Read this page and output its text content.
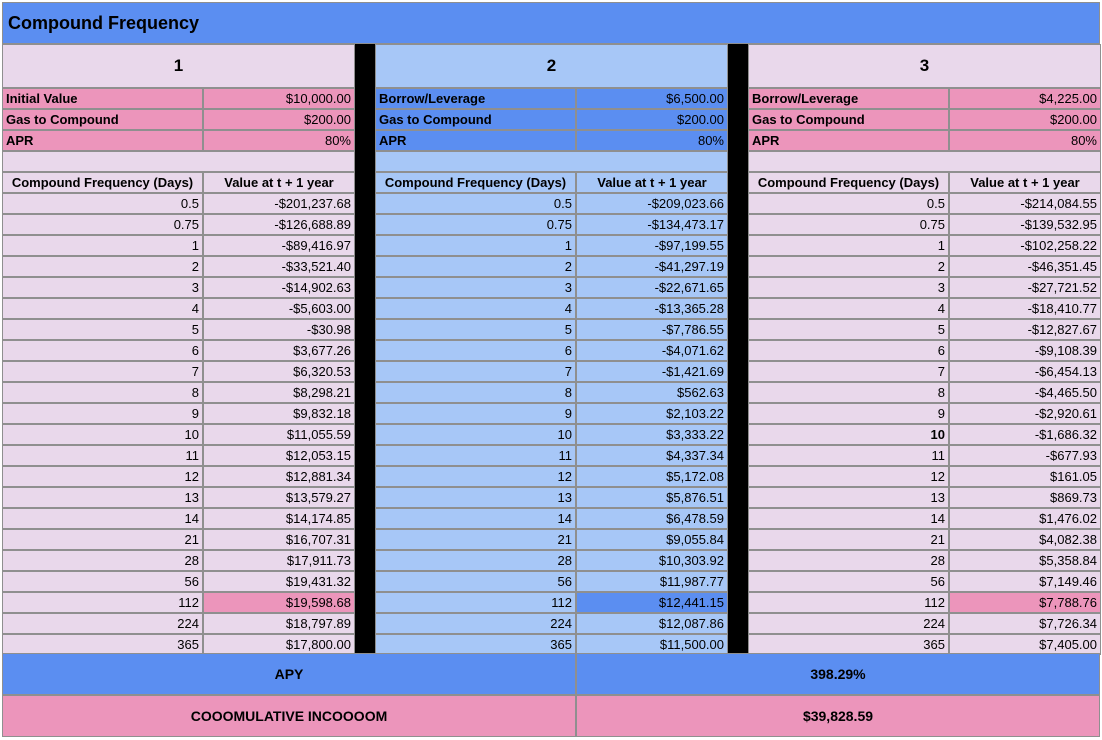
Compound Frequency
1
Initial Value	$10,000.00
Gas to Compound	$200.00
APR	80%
Compound Frequency (Days)	Value at t + 1 year
0.5	-$201,237.68
0.75	-$126,688.89
1	-$89,416.97
2	-$33,521.40
3	-$14,902.63
4	-$5,603.00
5	-$30.98
6	$3,677.26
7	$6,320.53
8	$8,298.21
9	$9,832.18
10	$11,055.59
11	$12,053.15
12	$12,881.34
13	$13,579.27
14	$14,174.85
21	$16,707.31
28	$17,911.73
56	$19,431.32
112	$19,598.68
224	$18,797.89
365	$17,800.00
2
Borrow/Leverage	$6,500.00
Gas to Compound	$200.00
APR	80%
Compound Frequency (Days)	Value at t + 1 year
0.5	-$209,023.66
0.75	-$134,473.17
1	-$97,199.55
2	-$41,297.19
3	-$22,671.65
4	-$13,365.28
5	-$7,786.55
6	-$4,071.62
7	-$1,421.69
8	$562.63
9	$2,103.22
10	$3,333.22
11	$4,337.34
12	$5,172.08
13	$5,876.51
14	$6,478.59
21	$9,055.84
28	$10,303.92
56	$11,987.77
112	$12,441.15
224	$12,087.86
365	$11,500.00
3
Borrow/Leverage	$4,225.00
Gas to Compound	$200.00
APR	80%
Compound Frequency (Days)	Value at t + 1 year
0.5	-$214,084.55
0.75	-$139,532.95
1	-$102,258.22
2	-$46,351.45
3	-$27,721.52
4	-$18,410.77
5	-$12,827.67
6	-$9,108.39
7	-$6,454.13
8	-$4,465.50
9	-$2,920.61
10	-$1,686.32
11	-$677.93
12	$161.05
13	$869.73
14	$1,476.02
21	$4,082.38
28	$5,358.84
56	$7,149.46
112	$7,788.76
224	$7,726.34
365	$7,405.00
APY	398.29%
COOOMULATIVE INCOOOOM	$39,828.59
